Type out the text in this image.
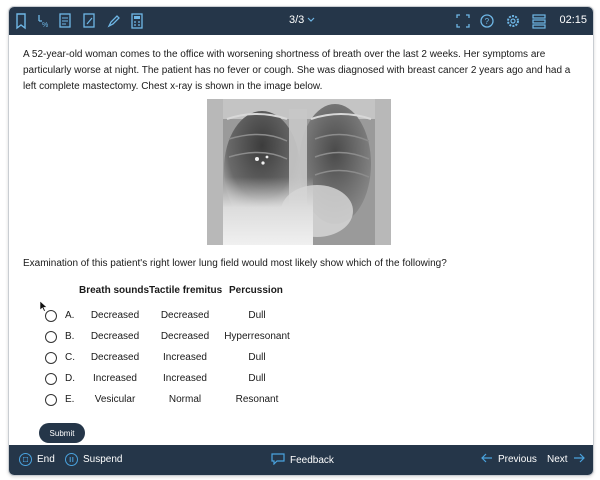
%	3/3	?	02:15

A 52-year-old woman comes to the office with worsening shortness of breath over the last 2 weeks. Her symptoms are particularly worse at night. The patient has no fever or cough. She was diagnosed with breast cancer 2 years ago and had a left complete mastectomy. Chest x-ray is shown in the image below.

Examination of this patient's right lower lung field would most likely show which of the following?

Breath sounds Tactile fremitus Percussion
A.	Decreased	Decreased	Dull
B.	Decreased	Decreased	Hyperresonant
C.	Decreased	Increased	Dull
D.	Increased	Increased	Dull
E.	Vesicular	Normal	Resonant
Submit
End	Suspend	Feedback	Previous Next
